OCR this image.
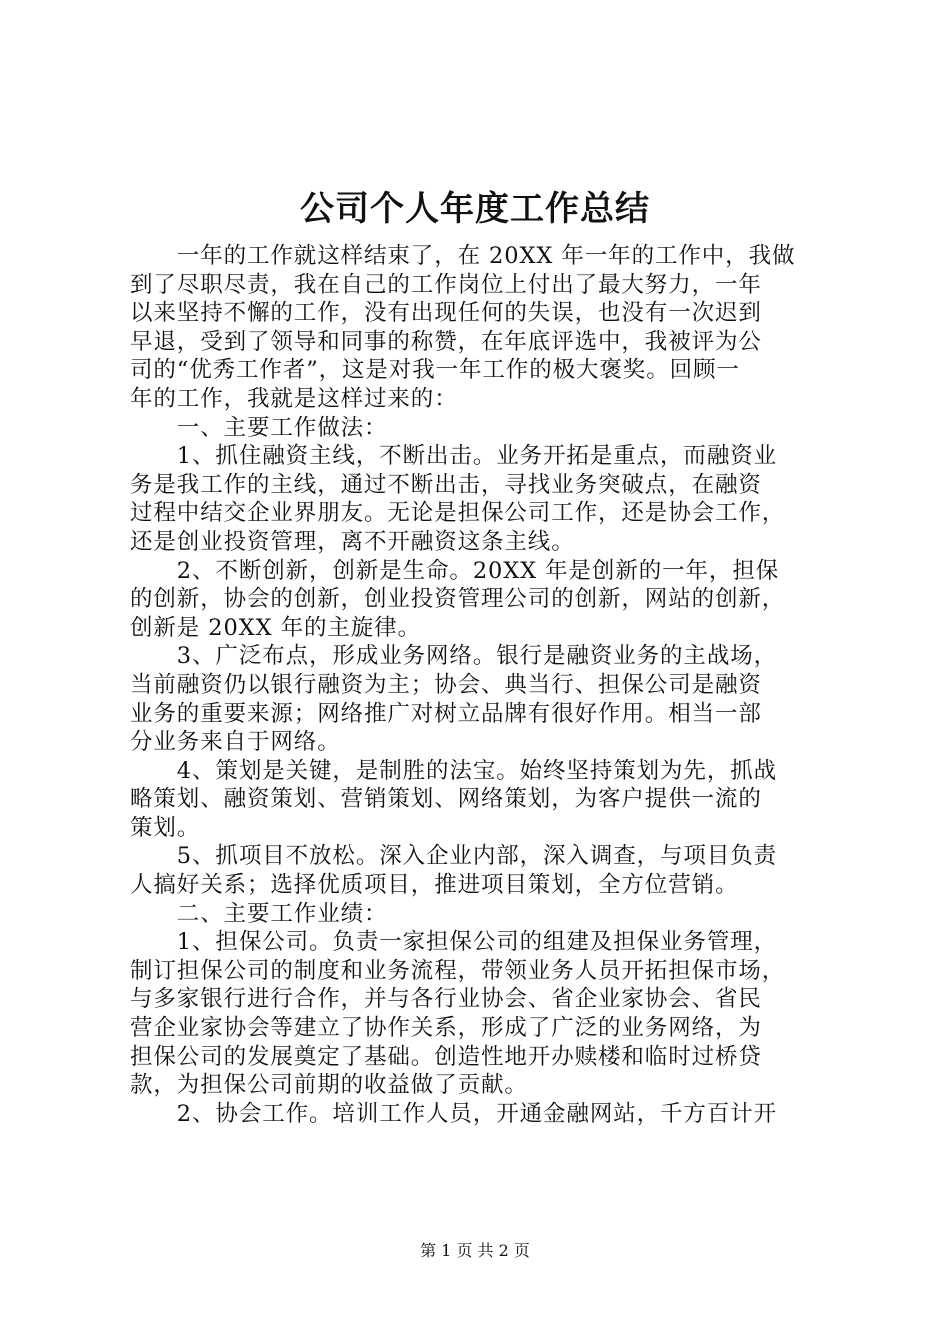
公司个人年度工作总结
　　一年的工作就这样结束了，在 20XX 年一年的工作中，我做
到了尽职尽责，我在自己的工作岗位上付出了最大努力，一年
以来坚持不懈的工作，没有出现任何的失误，也没有一次迟到
早退，受到了领导和同事的称赞，在年底评选中，我被评为公
司的“优秀工作者”，这是对我一年工作的极大褒奖。回顾一
年的工作，我就是这样过来的：
　　一、主要工作做法：
　　1、抓住融资主线，不断出击。业务开拓是重点，而融资业
务是我工作的主线，通过不断出击，寻找业务突破点，在融资
过程中结交企业界朋友。无论是担保公司工作，还是协会工作，
还是创业投资管理，离不开融资这条主线。
　　2、不断创新，创新是生命。20XX 年是创新的一年，担保
的创新，协会的创新，创业投资管理公司的创新，网站的创新，
创新是 20XX 年的主旋律。
　　3、广泛布点，形成业务网络。银行是融资业务的主战场，
当前融资仍以银行融资为主；协会、典当行、担保公司是融资
业务的重要来源；网络推广对树立品牌有很好作用。相当一部
分业务来自于网络。
　　4、策划是关键，是制胜的法宝。始终坚持策划为先，抓战
略策划、融资策划、营销策划、网络策划，为客户提供一流的
策划。
　　5、抓项目不放松。深入企业内部，深入调查，与项目负责
人搞好关系；选择优质项目，推进项目策划，全方位营销。
　　二、主要工作业绩：
　　1、担保公司。负责一家担保公司的组建及担保业务管理，
制订担保公司的制度和业务流程，带领业务人员开拓担保市场，
与多家银行进行合作，并与各行业协会、省企业家协会、省民
营企业家协会等建立了协作关系，形成了广泛的业务网络，为
担保公司的发展奠定了基础。创造性地开办赎楼和临时过桥贷
款，为担保公司前期的收益做了贡献。
　　2、协会工作。培训工作人员，开通金融网站，千方百计开
第 1 页 共 2 页
